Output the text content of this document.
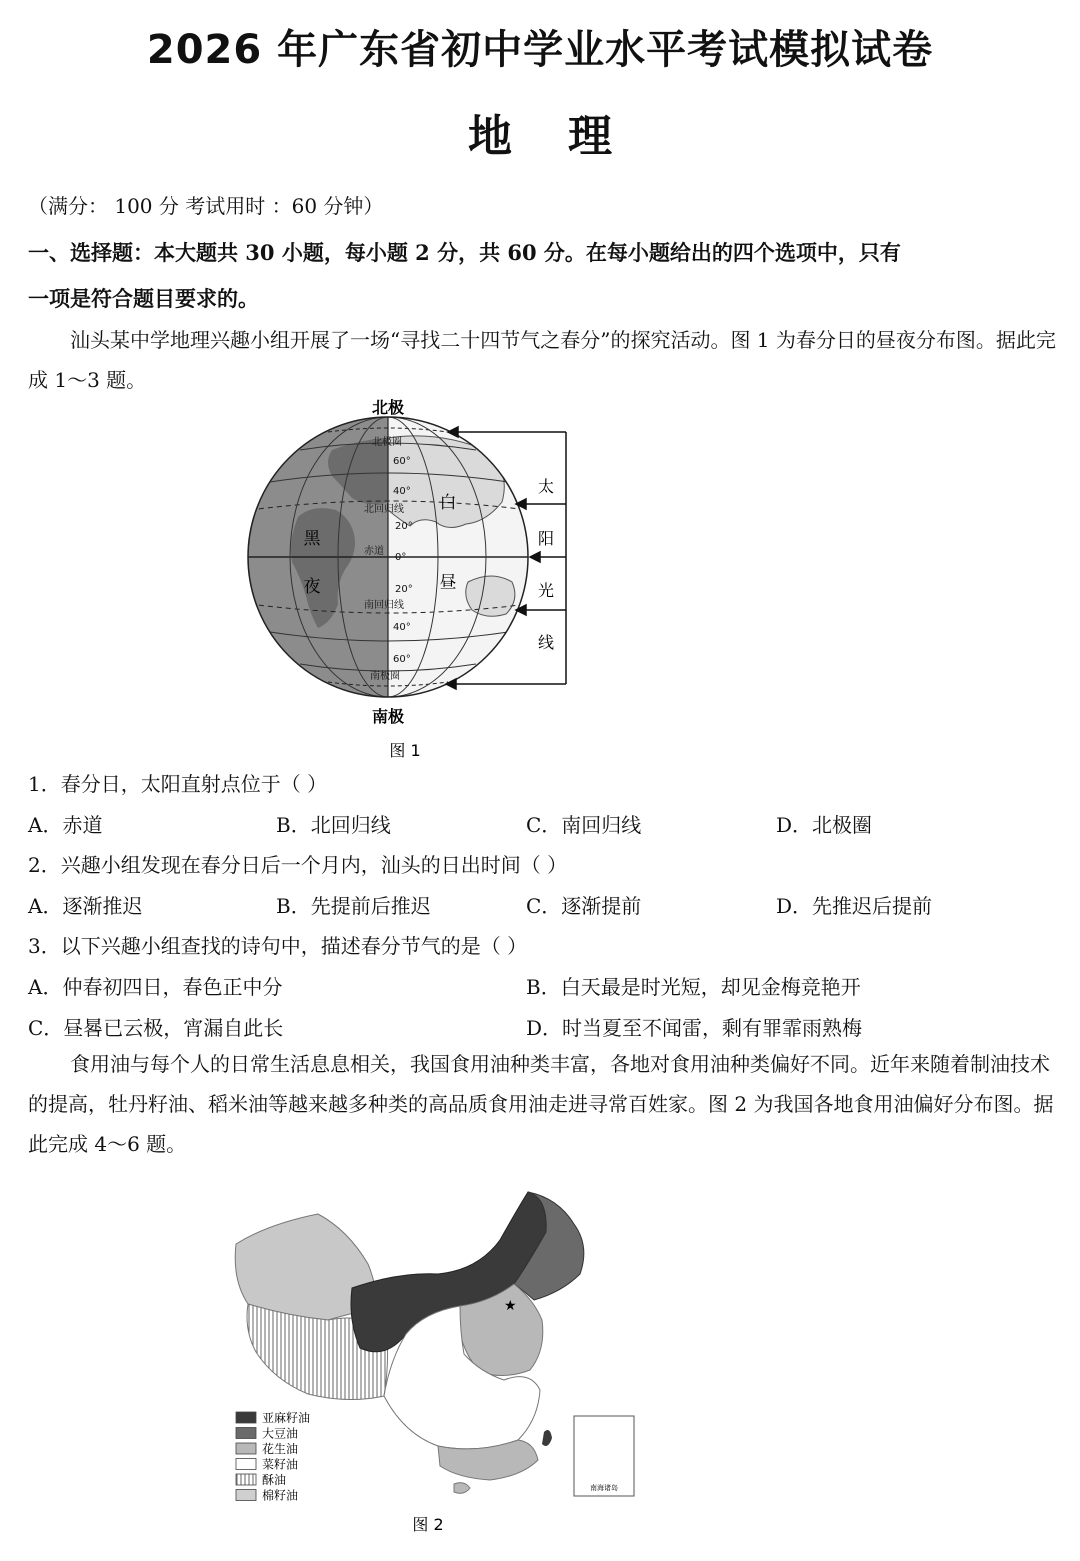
2026 年广东省初中学业水平考试模拟试卷
地 理
（满分： 100 分 考试用时 ：60 分钟）
一、选择题：本大题共 30 小题，每小题 2 分，共 60 分。在每小题给出的四个选项中，只有
一项是符合题目要求的。
汕头某中学地理兴趣小组开展了一场“寻找二十四节气之春分”的探究活动。图 1 为春分日的昼夜分布图。据此完成 1～3 题。
北极
北极圈
60°
40°
北回归线
20°
赤道
0°
20°
南回归线
40°
60°
南极圈
黑
夜
白
昼
太
阳
光
线
南极
图 1
1．春分日，太阳直射点位于（ ）
A．赤道	B．北回归线	C．南回归线	D．北极圈
2．兴趣小组发现在春分日后一个月内，汕头的日出时间（ ）
A．逐渐推迟	B．先提前后推迟	C．逐渐提前	D．先推迟后提前
3．以下兴趣小组查找的诗句中，描述春分节气的是（ ）
A．仲春初四日，春色正中分	B．白天最是时光短，却见金梅竞艳开
C．昼晷已云极，宵漏自此长	D．时当夏至不闻雷，剩有罪霏雨熟梅
食用油与每个人的日常生活息息相关，我国食用油种类丰富，各地对食用油种类偏好不同。近年来随着制油技术的提高，牡丹籽油、稻米油等越来越多种类的高品质食用油走进寻常百姓家。图 2 为我国各地食用油偏好分布图。据此完成 4～6 题。
★
南海诸岛
亚麻籽油
大豆油
花生油
菜籽油
酥油
棉籽油
图 2
